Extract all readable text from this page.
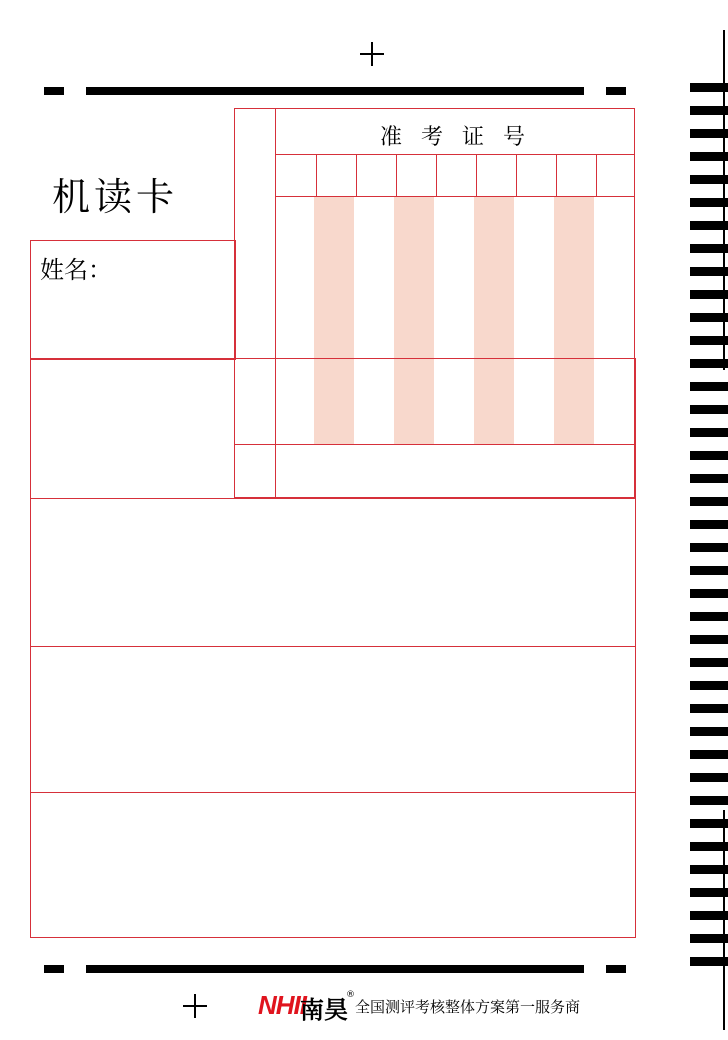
机读卡
姓名：
准 考 证 号
NHII
南昊
®
全国测评考核整体方案第一服务商
